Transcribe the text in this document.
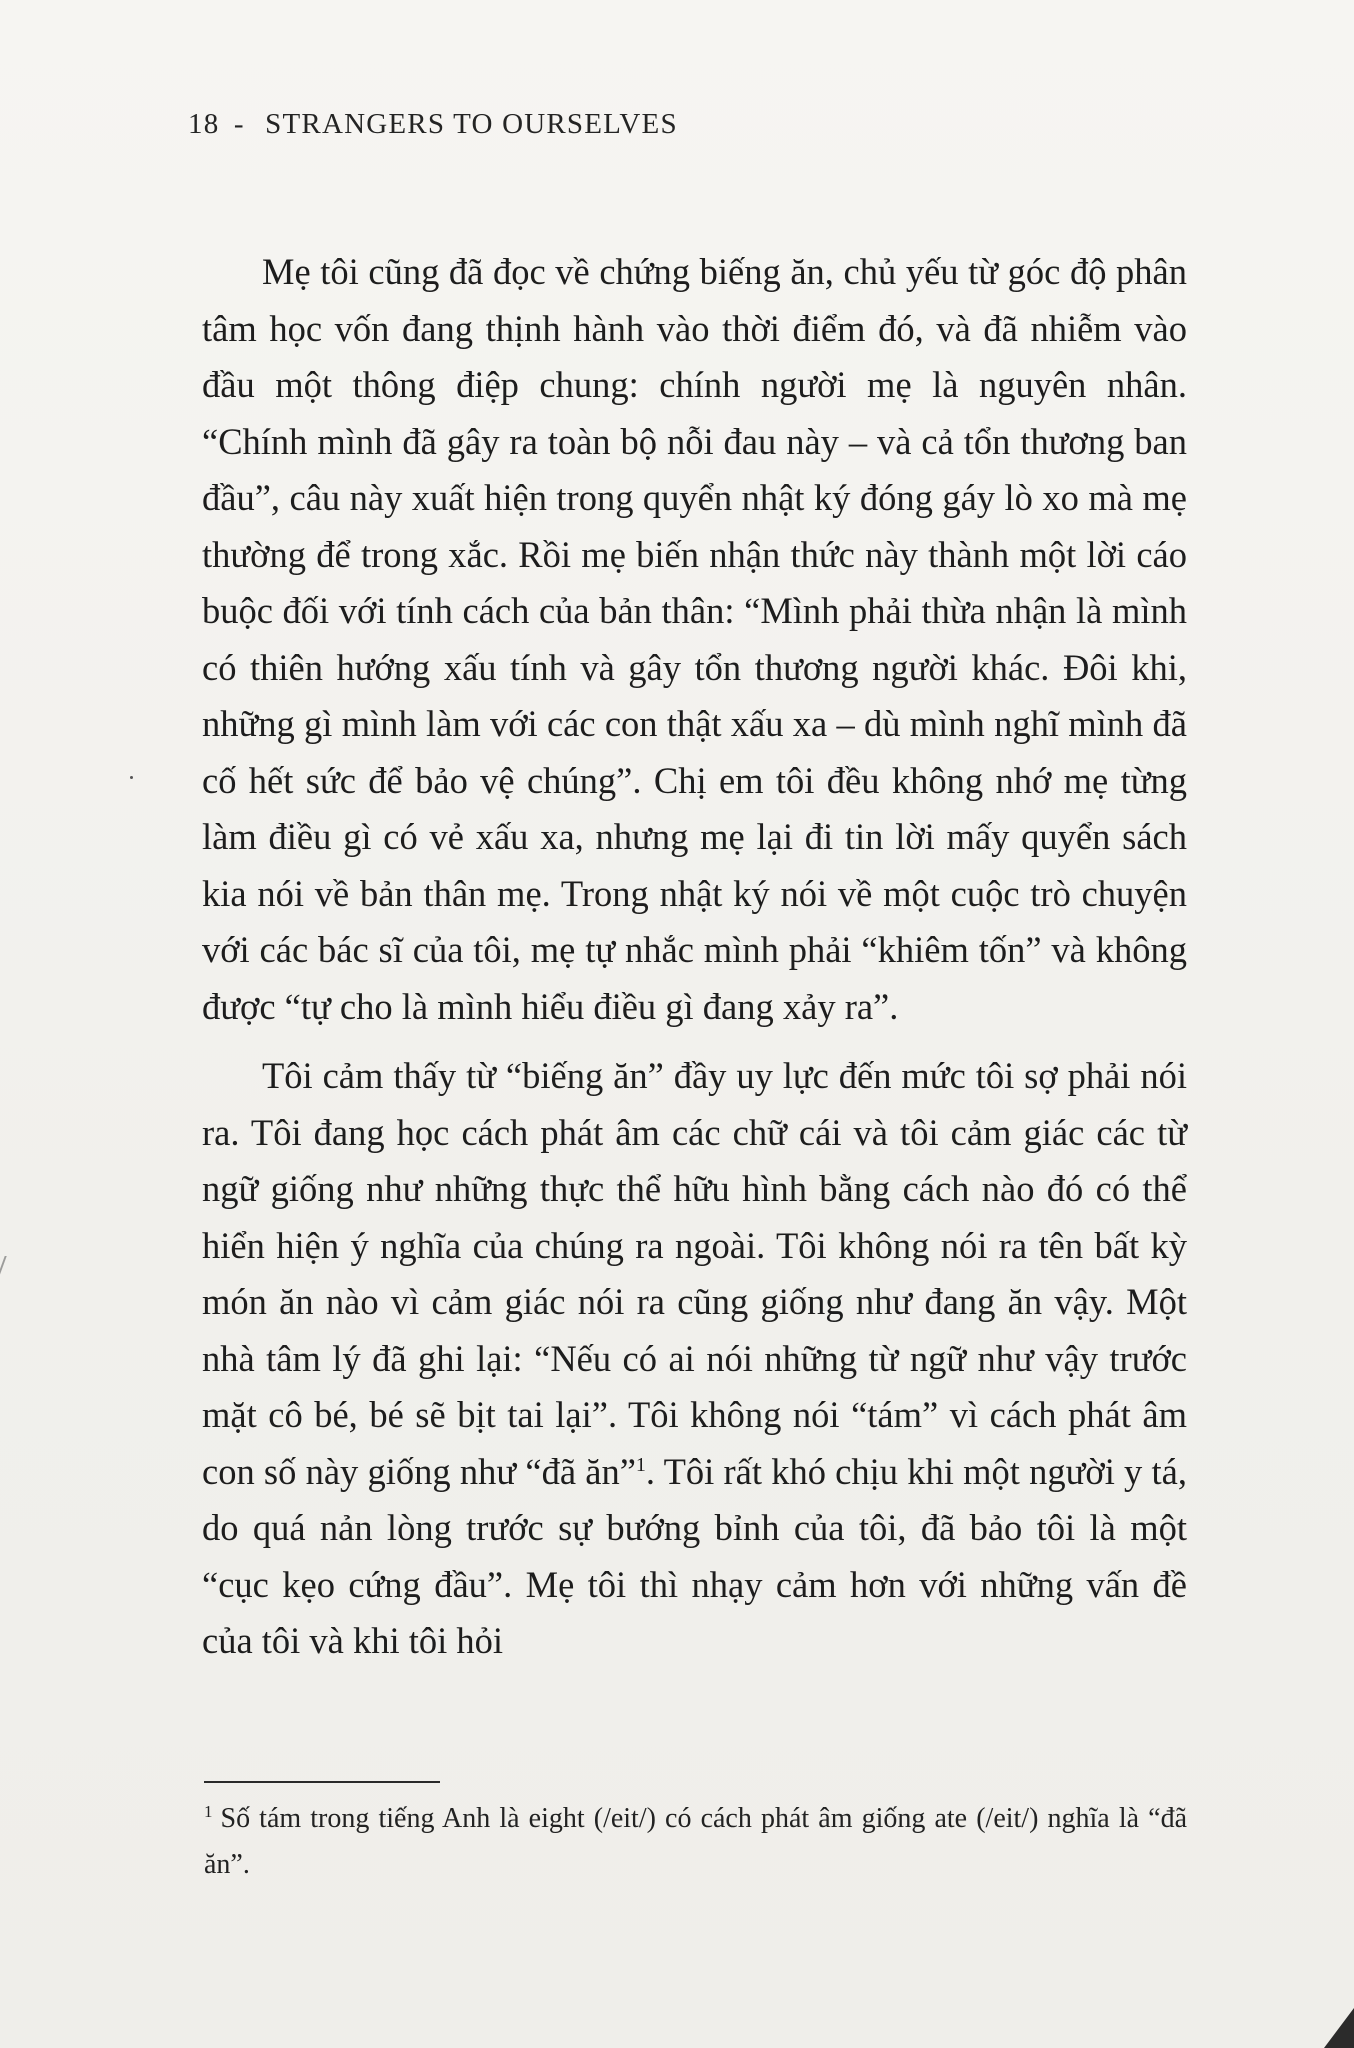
18 - STRANGERS TO OURSELVES

Mẹ tôi cũng đã đọc về chứng biếng ăn, chủ yếu từ góc độ phân tâm học vốn đang thịnh hành vào thời điểm đó, và đã nhiễm vào đầu một thông điệp chung: chính người mẹ là nguyên nhân. “Chính mình đã gây ra toàn bộ nỗi đau này – và cả tổn thương ban đầu”, câu này xuất hiện trong quyển nhật ký đóng gáy lò xo mà mẹ thường để trong xắc. Rồi mẹ biến nhận thức này thành một lời cáo buộc đối với tính cách của bản thân: “Mình phải thừa nhận là mình có thiên hướng xấu tính và gây tổn thương người khác. Đôi khi, những gì mình làm với các con thật xấu xa – dù mình nghĩ mình đã cố hết sức để bảo vệ chúng”. Chị em tôi đều không nhớ mẹ từng làm điều gì có vẻ xấu xa, nhưng mẹ lại đi tin lời mấy quyển sách kia nói về bản thân mẹ. Trong nhật ký nói về một cuộc trò chuyện với các bác sĩ của tôi, mẹ tự nhắc mình phải “khiêm tốn” và không được “tự cho là mình hiểu điều gì đang xảy ra”.

Tôi cảm thấy từ “biếng ăn” đầy uy lực đến mức tôi sợ phải nói ra. Tôi đang học cách phát âm các chữ cái và tôi cảm giác các từ ngữ giống như những thực thể hữu hình bằng cách nào đó có thể hiển hiện ý nghĩa của chúng ra ngoài. Tôi không nói ra tên bất kỳ món ăn nào vì cảm giác nói ra cũng giống như đang ăn vậy. Một nhà tâm lý đã ghi lại: “Nếu có ai nói những từ ngữ như vậy trước mặt cô bé, bé sẽ bịt tai lại”. Tôi không nói “tám” vì cách phát âm con số này giống như “đã ăn”$^1$. Tôi rất khó chịu khi một người y tá, do quá nản lòng trước sự bướng bỉnh của tôi, đã bảo tôi là một “cục kẹo cứng đầu”. Mẹ tôi thì nhạy cảm hơn với những vấn đề của tôi và khi tôi hỏi

$^1$ Số tám trong tiếng Anh là eight (/eit/) có cách phát âm giống ate (/eit/) nghĩa là “đã ăn”.
